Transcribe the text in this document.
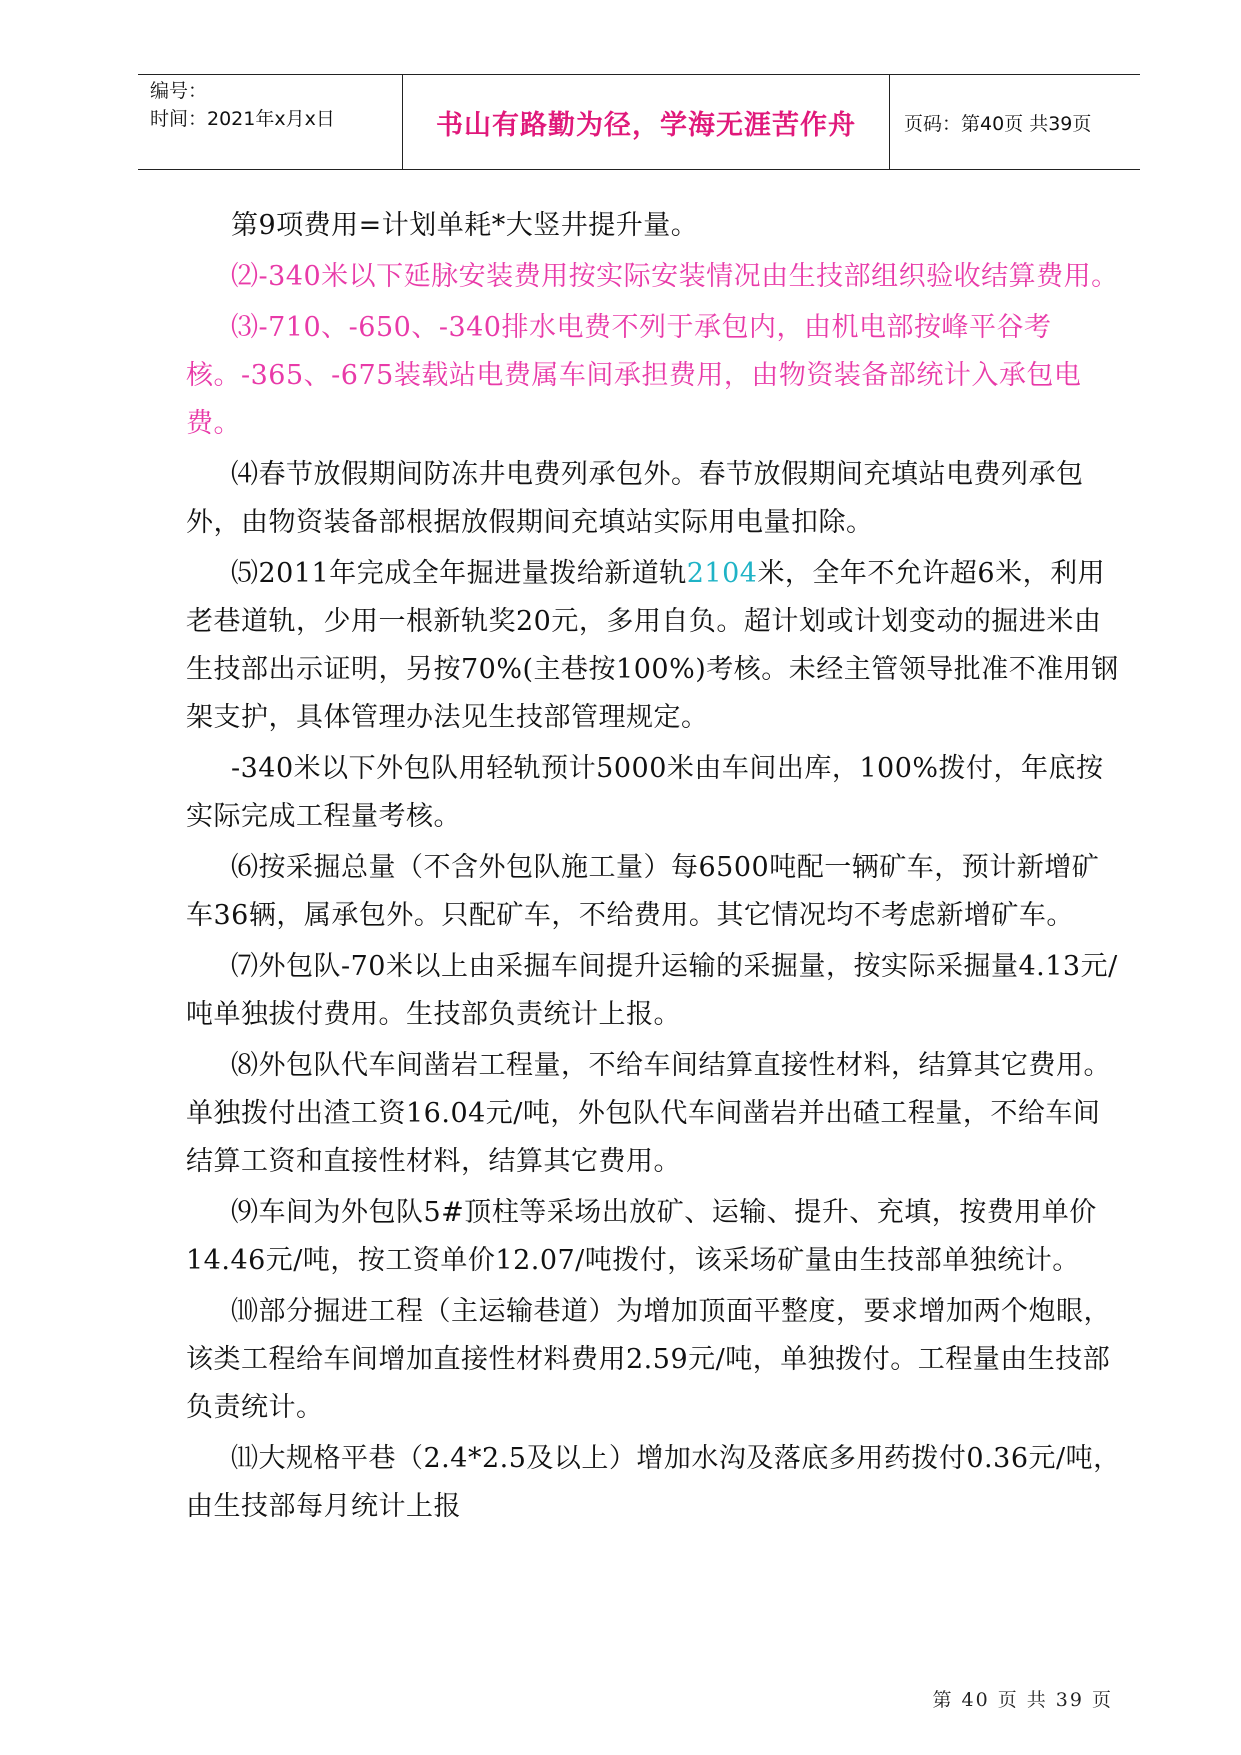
编号：
时间：2021年x月x日	书山有路勤为径，学海无涯苦作舟	页码：第40页 共39页

第9项费用=计划单耗*大竖井提升量。

⑵-340米以下延脉安装费用按实际安装情况由生技部组织验收结算费用。

⑶-710、-650、-340排水电费不列于承包内，由机电部按峰平谷考核。-365、-675装载站电费属车间承担费用，由物资装备部统计入承包电费。

⑷春节放假期间防冻井电费列承包外。春节放假期间充填站电费列承包外，由物资装备部根据放假期间充填站实际用电量扣除。

⑸2011年完成全年掘进量拨给新道轨2104米，全年不允许超6米，利用老巷道轨，少用一根新轨奖20元，多用自负。超计划或计划变动的掘进米由生技部出示证明，另按70%(主巷按100%)考核。未经主管领导批准不准用钢架支护，具体管理办法见生技部管理规定。

-340米以下外包队用轻轨预计5000米由车间出库，100%拨付，年底按实际完成工程量考核。

⑹按采掘总量（不含外包队施工量）每6500吨配一辆矿车，预计新增矿车36辆，属承包外。只配矿车，不给费用。其它情况均不考虑新增矿车。

⑺外包队-70米以上由采掘车间提升运输的采掘量，按实际采掘量4.13元/吨单独拔付费用。生技部负责统计上报。

⑻外包队代车间凿岩工程量，不给车间结算直接性材料，结算其它费用。单独拨付出渣工资16.04元/吨，外包队代车间凿岩并出碴工程量，不给车间结算工资和直接性材料，结算其它费用。

⑼车间为外包队5#顶柱等采场出放矿、运输、提升、充填，按费用单价14.46元/吨，按工资单价12.07/吨拨付，该采场矿量由生技部单独统计。

⑽部分掘进工程（主运输巷道）为增加顶面平整度，要求增加两个炮眼，该类工程给车间增加直接性材料费用2.59元/吨，单独拨付。工程量由生技部负责统计。

⑾大规格平巷（2.4*2.5及以上）增加水沟及落底多用药拨付0.36元/吨，由生技部每月统计上报

第 40 页 共 39 页
